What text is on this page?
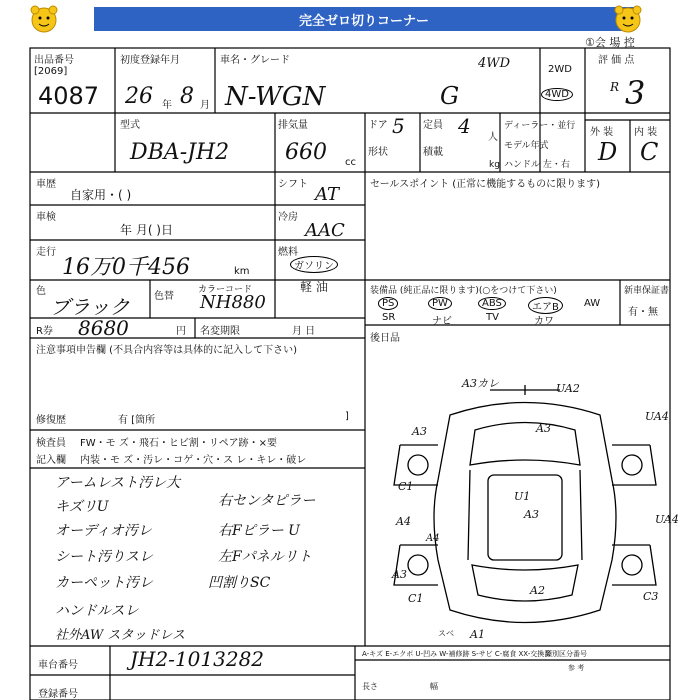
完全ゼロ切りコーナー
①会 場 控
出品番号
[2069]
4087
初度登録年月
26 年 8 月
車名・グレード
N-WGN	G
4WD	2WD
4WD
評 価 点
R 3
外 装 内 装
D C
型式
DBA-JH2
排気量
660 cc
ドア 5 定員 4 人
形状	積載
kg
ディーラー・並行
モデル年式
ハンドル 左・右
車歴
自家用・( )
シフト AT
車検
年 月( )日
冷房
AAC
走行
16万0千456	km
燃料
ガソリン
軽 油
色
ブラック 色替
カラーコード
NH880
R券 8680	円 名変期限	月 日
セールスポイント (正常に機能するものに限ります)
装備品 (純正品に限ります)(○をつけて下さい)
PS	PW	ABS	エアB	AW
SR	ナビ	TV	カワ
新車保証書
有・無
後日品
注意事項申告欄 (不具合内容等は具体的に記入して下さい)
修復歴	有 [箇所	]
検査員 FW・モ ズ・飛石・ヒビ割・リペア跡・×要
記入欄 内装・モ ズ・汚レ・コゲ・穴・ス レ・キレ・破レ
アームレスト汚レ大
キズリU
オーディオ汚レ
シート汚りスレ
カーペット汚レ
ハンドルスレ
社外AW スタッドレス
右センタピラー
右Fピラー U
左Fパネルリト
凹割りSC
A3カレ	UA2
UA4
A3	A3
C1
U1
A3
A4
A4
UA4
A3
C1
A2
A1
C3
スベ
車台番号	JH2-1013282
登録番号
A-キズ E-エクボ U-凹み W-補修跡 S-サビ C-腐食 XX-交換済
類別区分番号
参 考
長さ	幅
